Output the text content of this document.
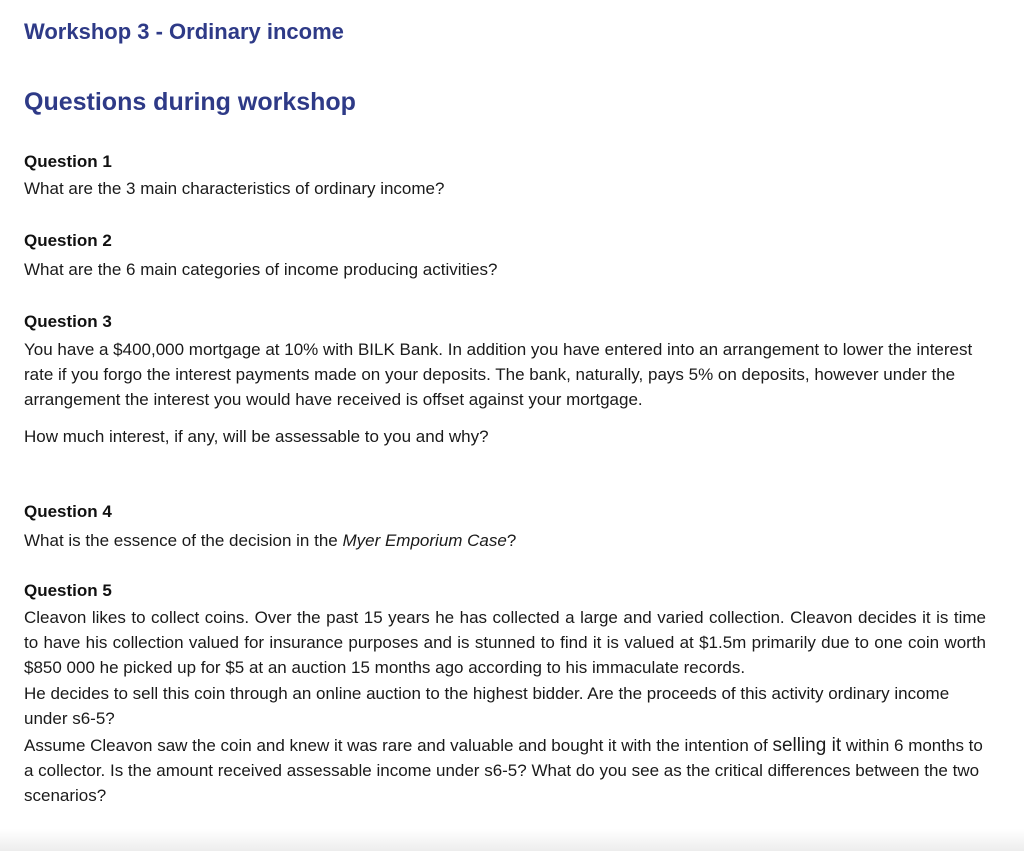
Workshop 3 - Ordinary income
Questions during workshop

Question 1

What are the 3 main characteristics of ordinary income?

Question 2

What are the 6 main categories of income producing activities?

Question 3

You have a $400,000 mortgage at 10% with BILK Bank. In addition you have entered into an arrangement to lower the interest rate if you forgo the interest payments made on your deposits. The bank, naturally, pays 5% on deposits, however under the arrangement the interest you would have received is offset against your mortgage.

How much interest, if any, will be assessable to you and why?

Question 4

What is the essence of the decision in the Myer Emporium Case?

Question 5

Cleavon likes to collect coins. Over the past 15 years he has collected a large and varied collection. Cleavon decides it is time to have his collection valued for insurance purposes and is stunned to find it is valued at $1.5m primarily due to one coin worth $850 000 he picked up for $5 at an auction 15 months ago according to his immaculate records.

He decides to sell this coin through an online auction to the highest bidder. Are the proceeds of this activity ordinary income under s6-5?

Assume Cleavon saw the coin and knew it was rare and valuable and bought it with the intention of selling it within 6 months to a collector. Is the amount received assessable income under s6-5? What do you see as the critical differences between the two scenarios?
